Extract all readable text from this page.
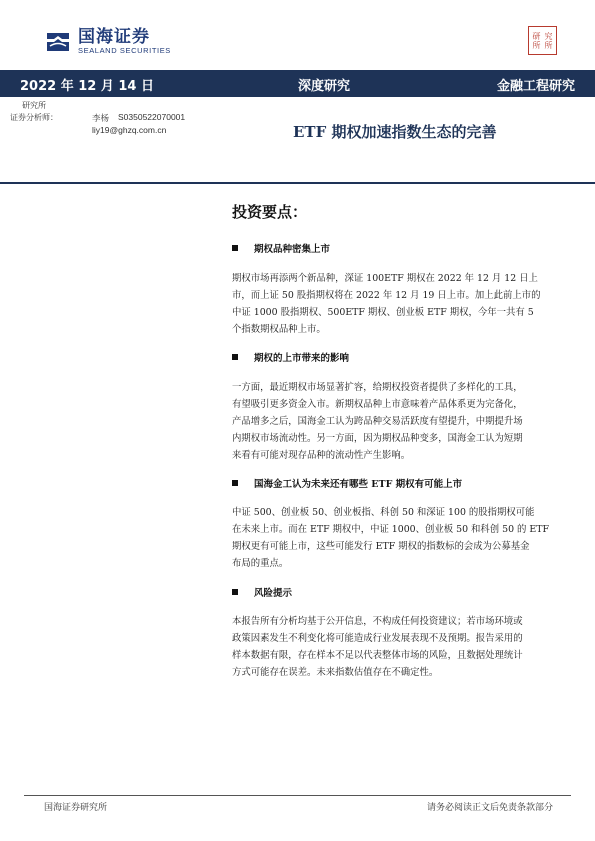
国海证券
SEALAND SECURITIES
研 究
所 所
2022 年 12 月 14 日	深度研究	金融工程研究
研究所
证券分析师：	李杨 S0350522070001
liy19@ghzq.com.cn	ETF 期权加速指数生态的完善
投资要点：
期权品种密集上市
期权市场再添两个新品种，深证 100ETF 期权在 2022 年 12 月 12 日上
市，而上证 50 股指期权将在 2022 年 12 月 19 日上市。加上此前上市的
中证 1000 股指期权、500ETF 期权、创业板 ETF 期权，今年一共有 5
个指数期权品种上市。
期权的上市带来的影响
一方面，最近期权市场显著扩容，给期权投资者提供了多样化的工具，
有望吸引更多资金入市。新期权品种上市意味着产品体系更为完备化，
产品增多之后，国海金工认为跨品种交易活跃度有望提升，中期提升场
内期权市场流动性。另一方面，因为期权品种变多，国海金工认为短期
来看有可能对现存品种的流动性产生影响。
国海金工认为未来还有哪些 ETF 期权有可能上市
中证 500、创业板 50、创业板指、科创 50 和深证 100 的股指期权可能
在未来上市。而在 ETF 期权中，中证 1000、创业板 50 和科创 50 的 ETF
期权更有可能上市，这些可能发行 ETF 期权的指数标的会成为公募基金
布局的重点。
风险提示
本报告所有分析均基于公开信息，不构成任何投资建议；若市场环境或
政策因素发生不利变化将可能造成行业发展表现不及预期。报告采用的
样本数据有限，存在样本不足以代表整体市场的风险，且数据处理统计
方式可能存在误差。未来指数估值存在不确定性。
国海证券研究所	请务必阅读正文后免责条款部分
